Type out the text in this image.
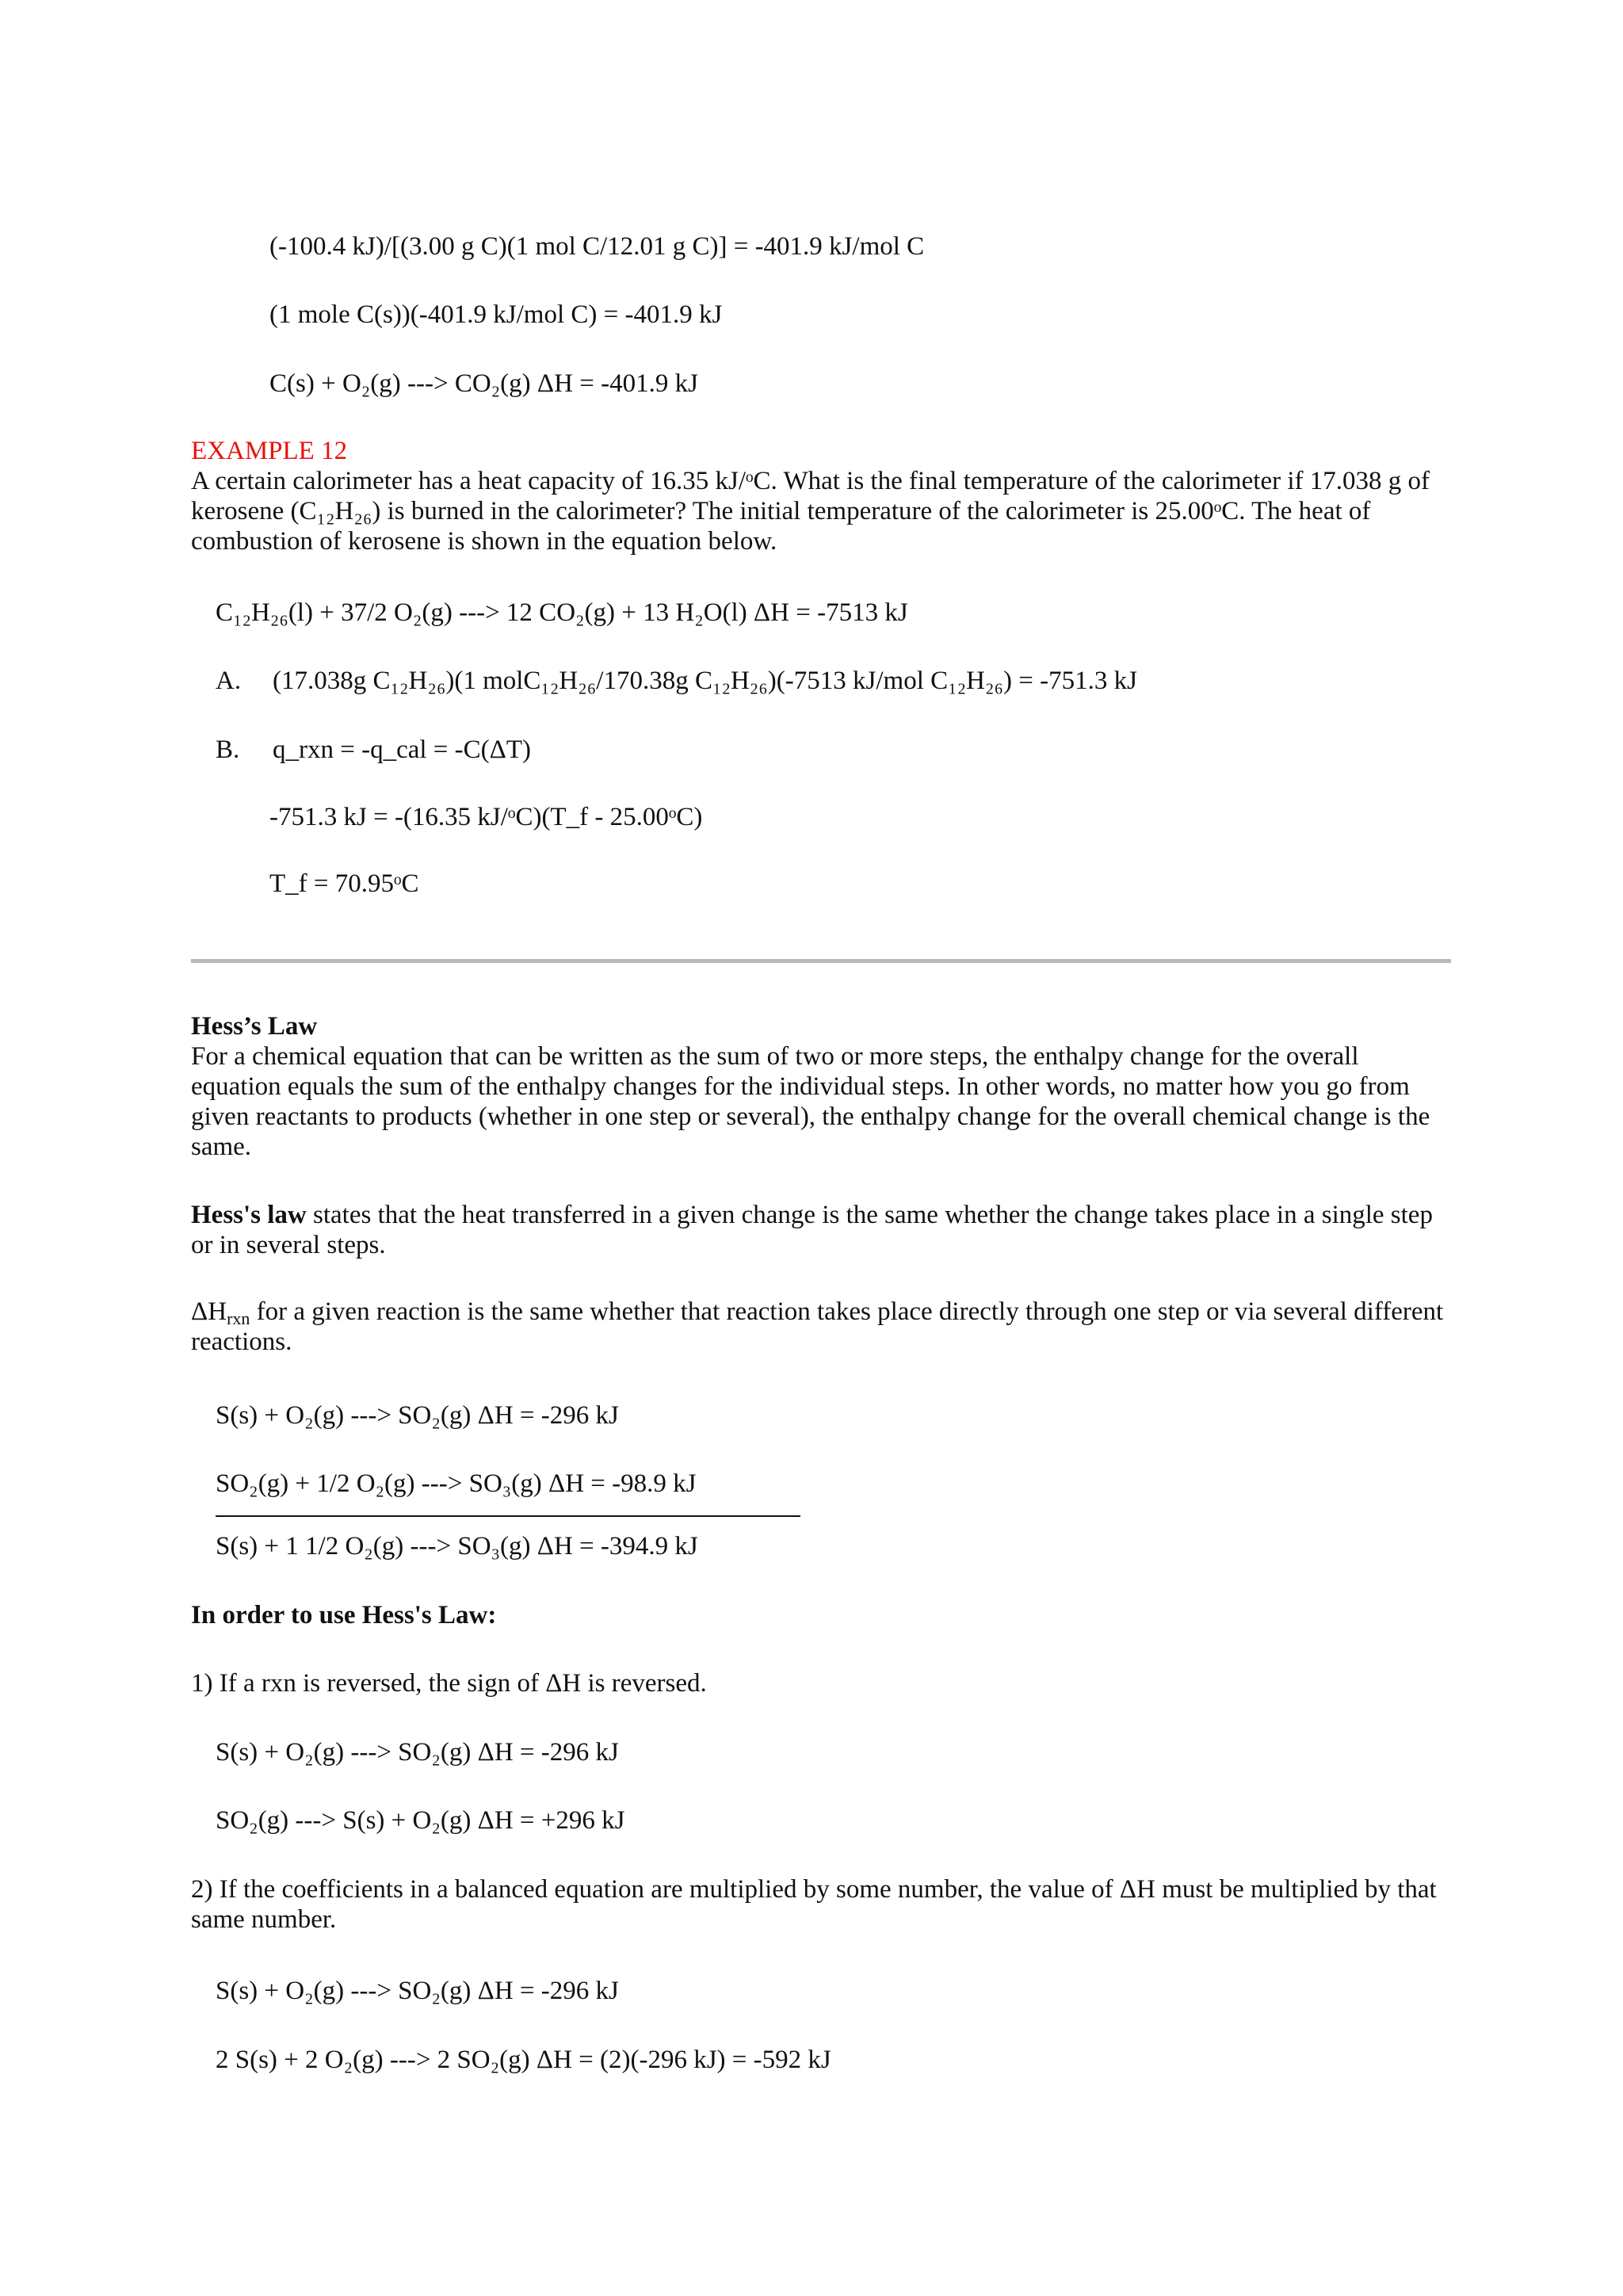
(-100.4 kJ)/[(3.00 g C)(1 mol C/12.01 g C)] = -401.9 kJ/mol C
(1 mole C(s))(-401.9 kJ/mol C) = -401.9 kJ
C(s) + O₂(g) ---> CO₂(g) ΔH = -401.9 kJ
EXAMPLE 12
A certain calorimeter has a heat capacity of 16.35 kJ/ᵒC. What is the final temperature of the calorimeter if 17.038 g of kerosene (C₁₂H₂₆) is burned in the calorimeter? The initial temperature of the calorimeter is 25.00ᵒC. The heat of combustion of kerosene is shown in the equation below.
C₁₂H₂₆(l) + 37/2 O₂(g) ---> 12 CO₂(g) + 13 H₂O(l) ΔH = -7513 kJ
A. (17.038g C₁₂H₂₆)(1 molC₁₂H₂₆/170.38g C₁₂H₂₆)(-7513 kJ/mol C₁₂H₂₆) = -751.3 kJ
B. q_rxn = -q_cal = -C(ΔT)
-751.3 kJ = -(16.35 kJ/ᵒC)(T_f - 25.00ᵒC)
T_f = 70.95ᵒC
Hess’s Law
For a chemical equation that can be written as the sum of two or more steps, the enthalpy change for the overall equation equals the sum of the enthalpy changes for the individual steps. In other words, no matter how you go from given reactants to products (whether in one step or several), the enthalpy change for the overall chemical change is the same.
Hess's law states that the heat transferred in a given change is the same whether the change takes place in a single step or in several steps.
$\Delta H_{rxn}$ for a given reaction is the same whether that reaction takes place directly through one step or via several different reactions.
S(s) + O₂(g) ---> SO₂(g) ΔH = -296 kJ
SO₂(g) + 1/2 O₂(g) ---> SO₃(g) ΔH = -98.9 kJ
S(s) + 1 1/2 O₂(g) ---> SO₃(g) ΔH = -394.9 kJ
In order to use Hess's Law:
1) If a rxn is reversed, the sign of ΔH is reversed.
S(s) + O₂(g) ---> SO₂(g) ΔH = -296 kJ
SO₂(g) ---> S(s) + O₂(g) ΔH = +296 kJ
2) If the coefficients in a balanced equation are multiplied by some number, the value of ΔH must be multiplied by that same number.
S(s) + O₂(g) ---> SO₂(g) ΔH = -296 kJ
2 S(s) + 2 O₂(g) ---> 2 SO₂(g) ΔH = (2)(-296 kJ) = -592 kJ
